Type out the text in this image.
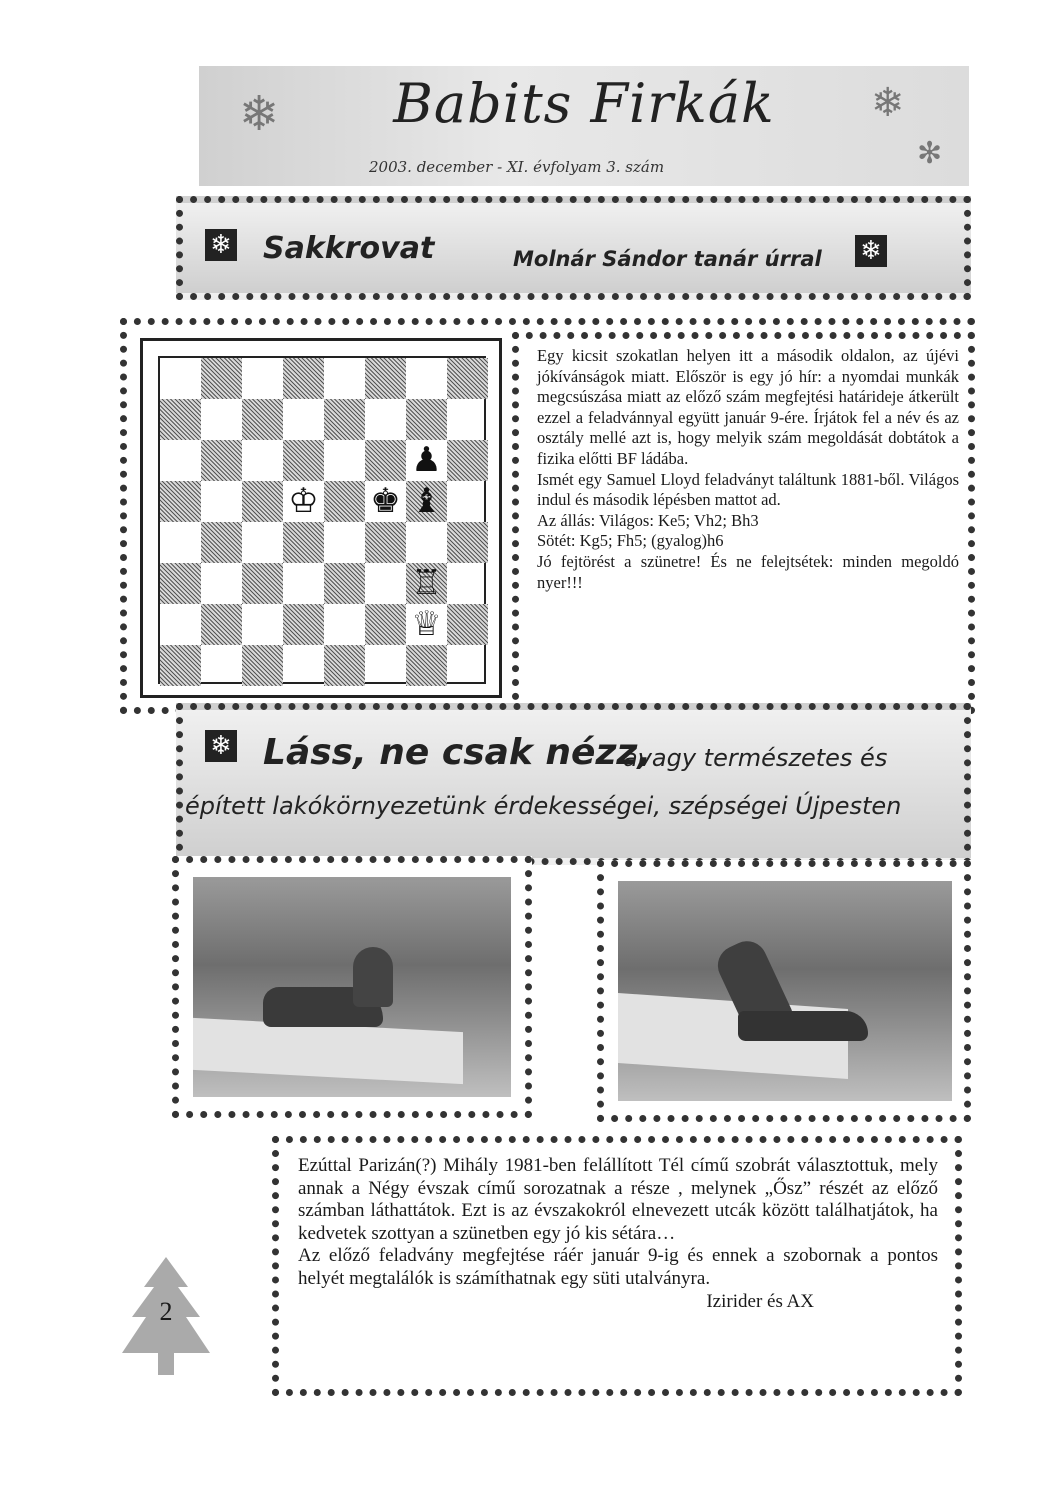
❄	❄
✻
Babits Firkák
2003. december - XI. évfolyam 3. szám
❄ Sakkrovat	Molnár Sándor tanár úrral ❄
♝
♔ ♚
♟
♖
♕

Egy kicsit szokatlan helyen itt a második oldalon, az újévi jókívánságok miatt. Először is egy jó hír: a nyomdai munkák megcsúszása miatt az előző szám megfejtési határideje átkerült ezzel a feladvánnyal együtt január 9-ére. Írjátok fel a név és az osztály mellé azt is, hogy melyik szám megoldását dobtátok a fizika előtti BF ládába.

Ismét egy Samuel Lloyd feladványt találtunk 1881-ből. Világos indul és második lépésben mattot ad.

Az állás: Világos: Ke5; Vh2; Bh3

Sötét: Kg5; Fh5; (gyalog)h6

Jó fejtörést a szünetre! És ne felejtsétek: minden megoldó nyer!!!

❄ Láss, ne csak nézz,
avagy természetes és
épített lakókörnyezetünk érdekességei, szépségei Újpesten

Ezúttal Parizán(?) Mihály 1981-ben felállított Tél című szobrát választottuk, mely annak a Négy évszak című sorozatnak a része , melynek „Ősz” részét az előző számban láthattátok. Ezt is az évszakokról elnevezett utcák között találhatjátok, ha kedvetek szottyan a szünetben egy jó kis sétára…

Az előző feladvány megfejtése ráér január 9-ig és ennek a szobornak a pontos helyét megtalálók is számíthatnak egy süti utalványra.

Izirider és AX

2
